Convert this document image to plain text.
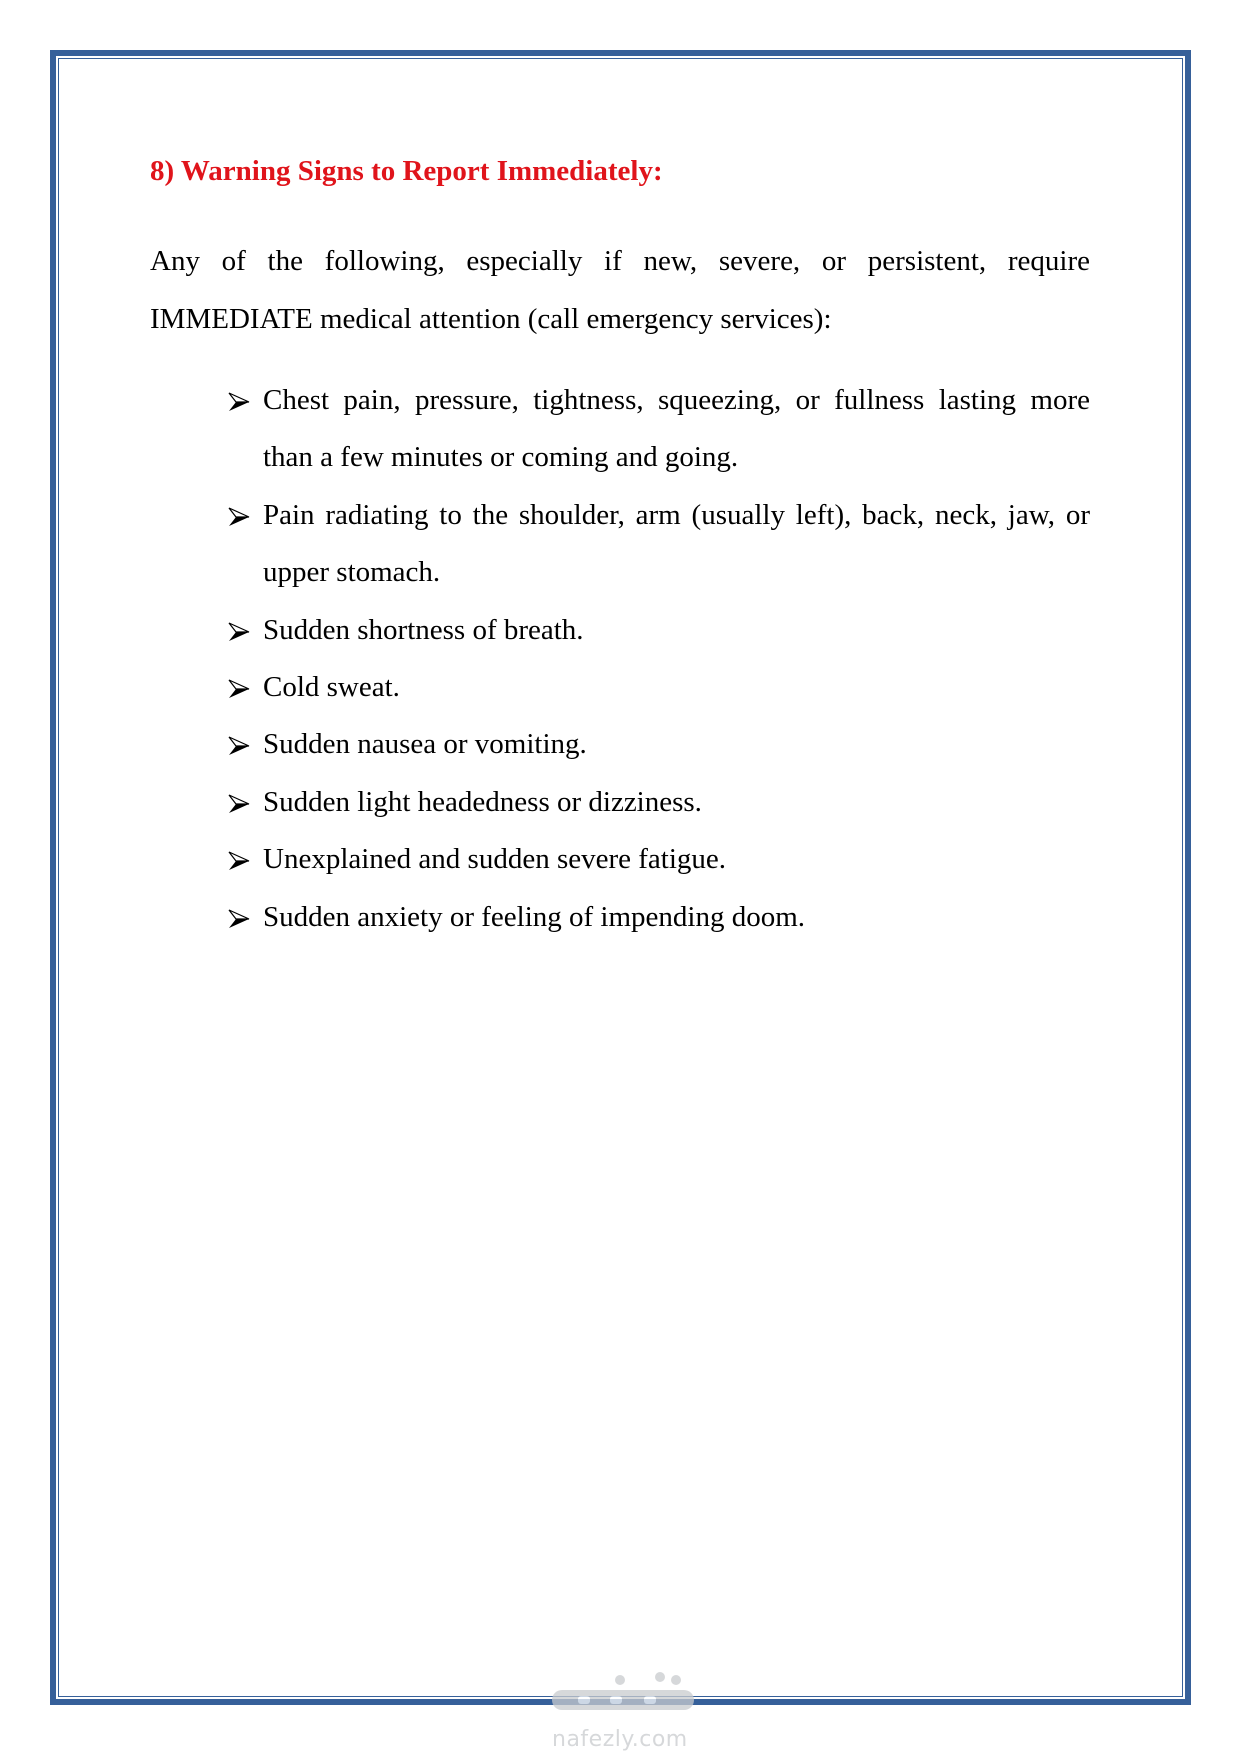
8) Warning Signs to Report Immediately:

Any of the following, especially if new, severe, or persistent, require IMMEDIATE medical attention (call emergency services):

Chest pain, pressure, tightness, squeezing, or fullness lasting more than a few minutes or coming and going.
Pain radiating to the shoulder, arm (usually left), back, neck, jaw, or upper stomach.
Sudden shortness of breath.
Cold sweat.
Sudden nausea or vomiting.
Sudden light headedness or dizziness.
Unexplained and sudden severe fatigue.
Sudden anxiety or feeling of impending doom.
nafezly.com
